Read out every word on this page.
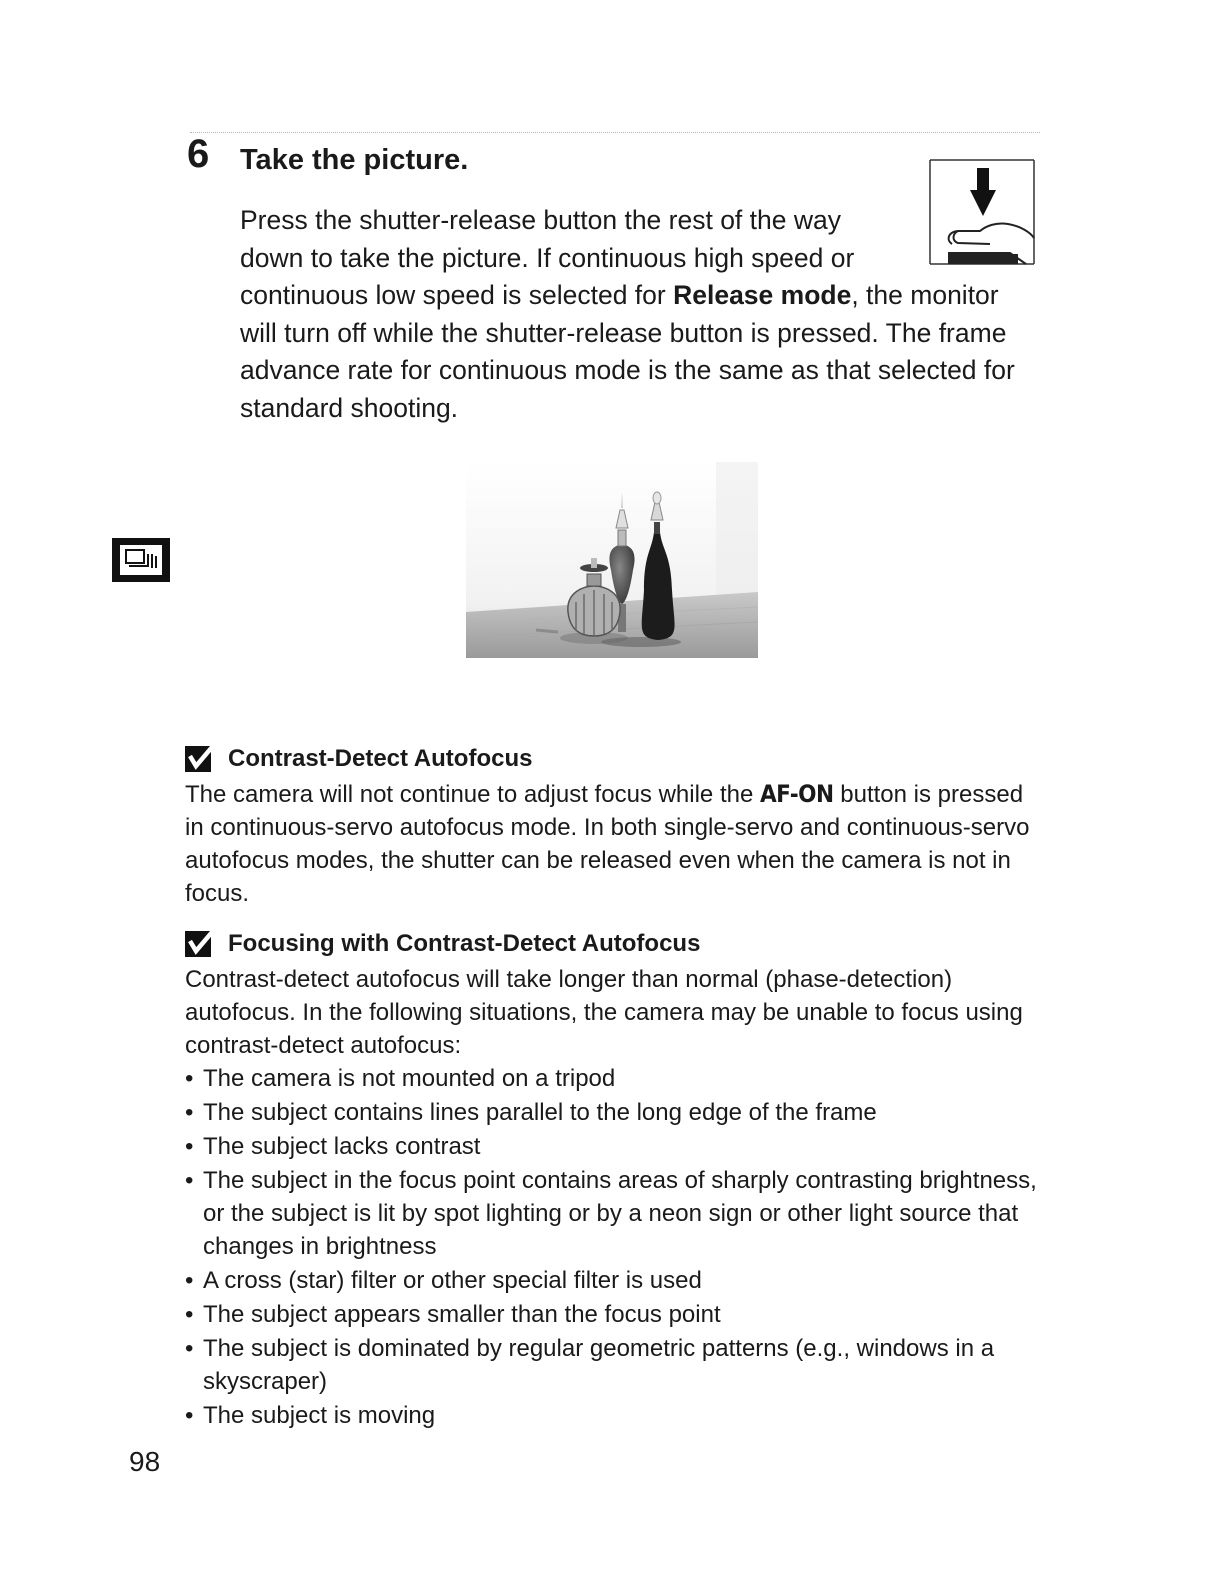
6 Take the picture.

Press the shutter-release button the rest of the way down to take the picture. If continuous high speed or continuous low speed is selected for Release mode, the monitor will turn off while the shutter-release button is pressed. The frame advance rate for continuous mode is the same as that selected for standard shooting.

Contrast-Detect Autofocus

The camera will not continue to adjust focus while the AF-ON button is pressed in continuous-servo autofocus mode. In both single-servo and continuous-servo autofocus modes, the shutter can be released even when the camera is not in focus.

Focusing with Contrast-Detect Autofocus

Contrast-detect autofocus will take longer than normal (phase-detection) autofocus. In the following situations, the camera may be unable to focus using contrast-detect autofocus:

• The camera is not mounted on a tripod
• The subject contains lines parallel to the long edge of the frame
• The subject lacks contrast
• The subject in the focus point contains areas of sharply contrasting brightness, or the subject is lit by spot lighting or by a neon sign or other light source that changes in brightness
• A cross (star) filter or other special filter is used
• The subject appears smaller than the focus point
• The subject is dominated by regular geometric patterns (e.g., windows in a skyscraper)
• The subject is moving
98
